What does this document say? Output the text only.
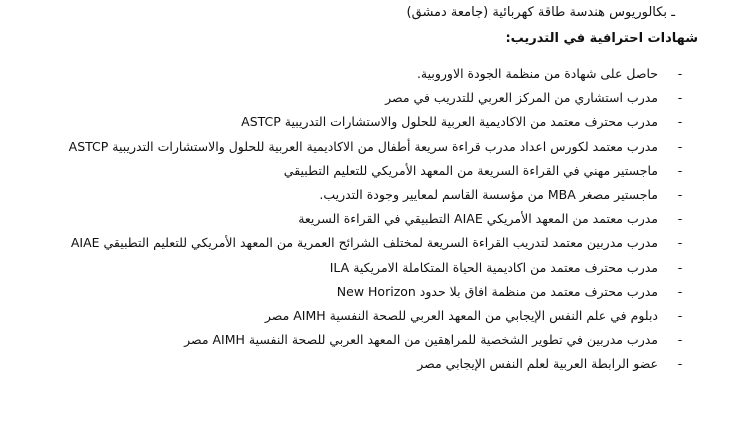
ـ بكالوريوس هندسة طاقة كهربائية (جامعة دمشق)
شهادات احترافية في التدريب:
-
حاصل على شهادة من منظمة الجودة الاوروبية.
-
مدرب استشاري من المركز العربي للتدريب في مصر
-
مدرب محترف معتمد من الاكاديمية العربية للحلول والاستشارات التدريبية ASTCP
-
مدرب معتمد لكورس اعداد مدرب قراءة سريعة أطفال من الاكاديمية العربية للحلول والاستشارات التدريبية ASTCP
-
ماجستير مهني في القراءة السريعة من المعهد الأمريكي للتعليم التطبيقي
-
ماجستير مصغر MBA من مؤسسة القاسم لمعايير وجودة التدريب.
-
مدرب معتمد من المعهد الأمريكي AIAE التطبيقي في القراءة السريعة
-
مدرب مدربين معتمد لتدريب القراءة السريعة لمختلف الشرائح العمرية من المعهد الأمريكي للتعليم التطبيقي AIAE
-
مدرب محترف معتمد من اكاديمية الحياة المتكاملة الامريكية ILA
-
مدرب محترف معتمد من منظمة افاق بلا حدود New Horizon
-
دبلوم في علم النفس الإيجابي من المعهد العربي للصحة النفسية AIMH مصر
-
مدرب مدربين في تطوير الشخصية للمراهقين من المعهد العربي للصحة النفسية AIMH مصر
-
عضو الرابطة العربية لعلم النفس الإيجابي مصر
